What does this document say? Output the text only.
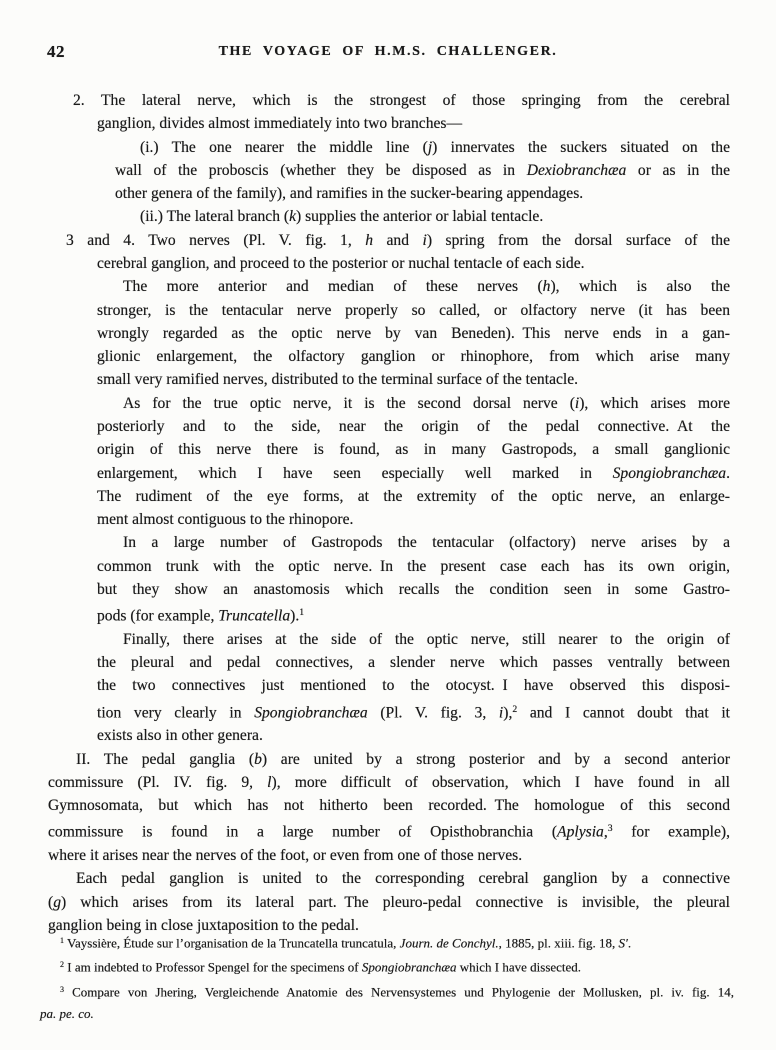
42	THE VOYAGE OF H.M.S. CHALLENGER.
2. The lateral nerve, which is the strongest of those springing from the cerebral
ganglion, divides almost immediately into two branches—
(i.) The one nearer the middle line (j) innervates the suckers situated on the
wall of the proboscis (whether they be disposed as in Dexiobranchæa or as in the
other genera of the family), and ramifies in the sucker-bearing appendages.
(ii.) The lateral branch (k) supplies the anterior or labial tentacle.
3 and 4. Two nerves (Pl. V. fig. 1, h and i) spring from the dorsal surface of the
cerebral ganglion, and proceed to the posterior or nuchal tentacle of each side.
The more anterior and median of these nerves (h), which is also the
stronger, is the tentacular nerve properly so called, or olfactory nerve (it has been
wrongly regarded as the optic nerve by van Beneden). This nerve ends in a gan-
glionic enlargement, the olfactory ganglion or rhinophore, from which arise many
small very ramified nerves, distributed to the terminal surface of the tentacle.
As for the true optic nerve, it is the second dorsal nerve (i), which arises more
posteriorly and to the side, near the origin of the pedal connective. At the
origin of this nerve there is found, as in many Gastropods, a small ganglionic
enlargement, which I have seen especially well marked in Spongiobranchæa.
The rudiment of the eye forms, at the extremity of the optic nerve, an enlarge-
ment almost contiguous to the rhinopore.
In a large number of Gastropods the tentacular (olfactory) nerve arises by a
common trunk with the optic nerve. In the present case each has its own origin,
but they show an anastomosis which recalls the condition seen in some Gastro-
pods (for example, Truncatella).$^1$
Finally, there arises at the side of the optic nerve, still nearer to the origin of
the pleural and pedal connectives, a slender nerve which passes ventrally between
the two connectives just mentioned to the otocyst. I have observed this disposi-
tion very clearly in Spongiobranchæa (Pl. V. fig. 3, i),$^2$ and I cannot doubt that it
exists also in other genera.
II. The pedal ganglia (b) are united by a strong posterior and by a second anterior
commissure (Pl. IV. fig. 9, l), more difficult of observation, which I have found in all
Gymnosomata, but which has not hitherto been recorded. The homologue of this second
commissure is found in a large number of Opisthobranchia (Aplysia,$^3$ for example),
where it arises near the nerves of the foot, or even from one of those nerves.
Each pedal ganglion is united to the corresponding cerebral ganglion by a connective
(g) which arises from its lateral part. The pleuro-pedal connective is invisible, the pleural
ganglion being in close juxtaposition to the pedal.
$^1$ Vayssière, Étude sur l’organisation de la Truncatella truncatula, Journ. de Conchyl., 1885, pl. xiii. fig. 18, S′.
$^2$ I am indebted to Professor Spengel for the specimens of Spongiobranchæa which I have dissected.
$^3$ Compare von Jhering, Vergleichende Anatomie des Nervensystemes und Phylogenie der Mollusken, pl. iv. fig. 14,
pa. pe. co.
